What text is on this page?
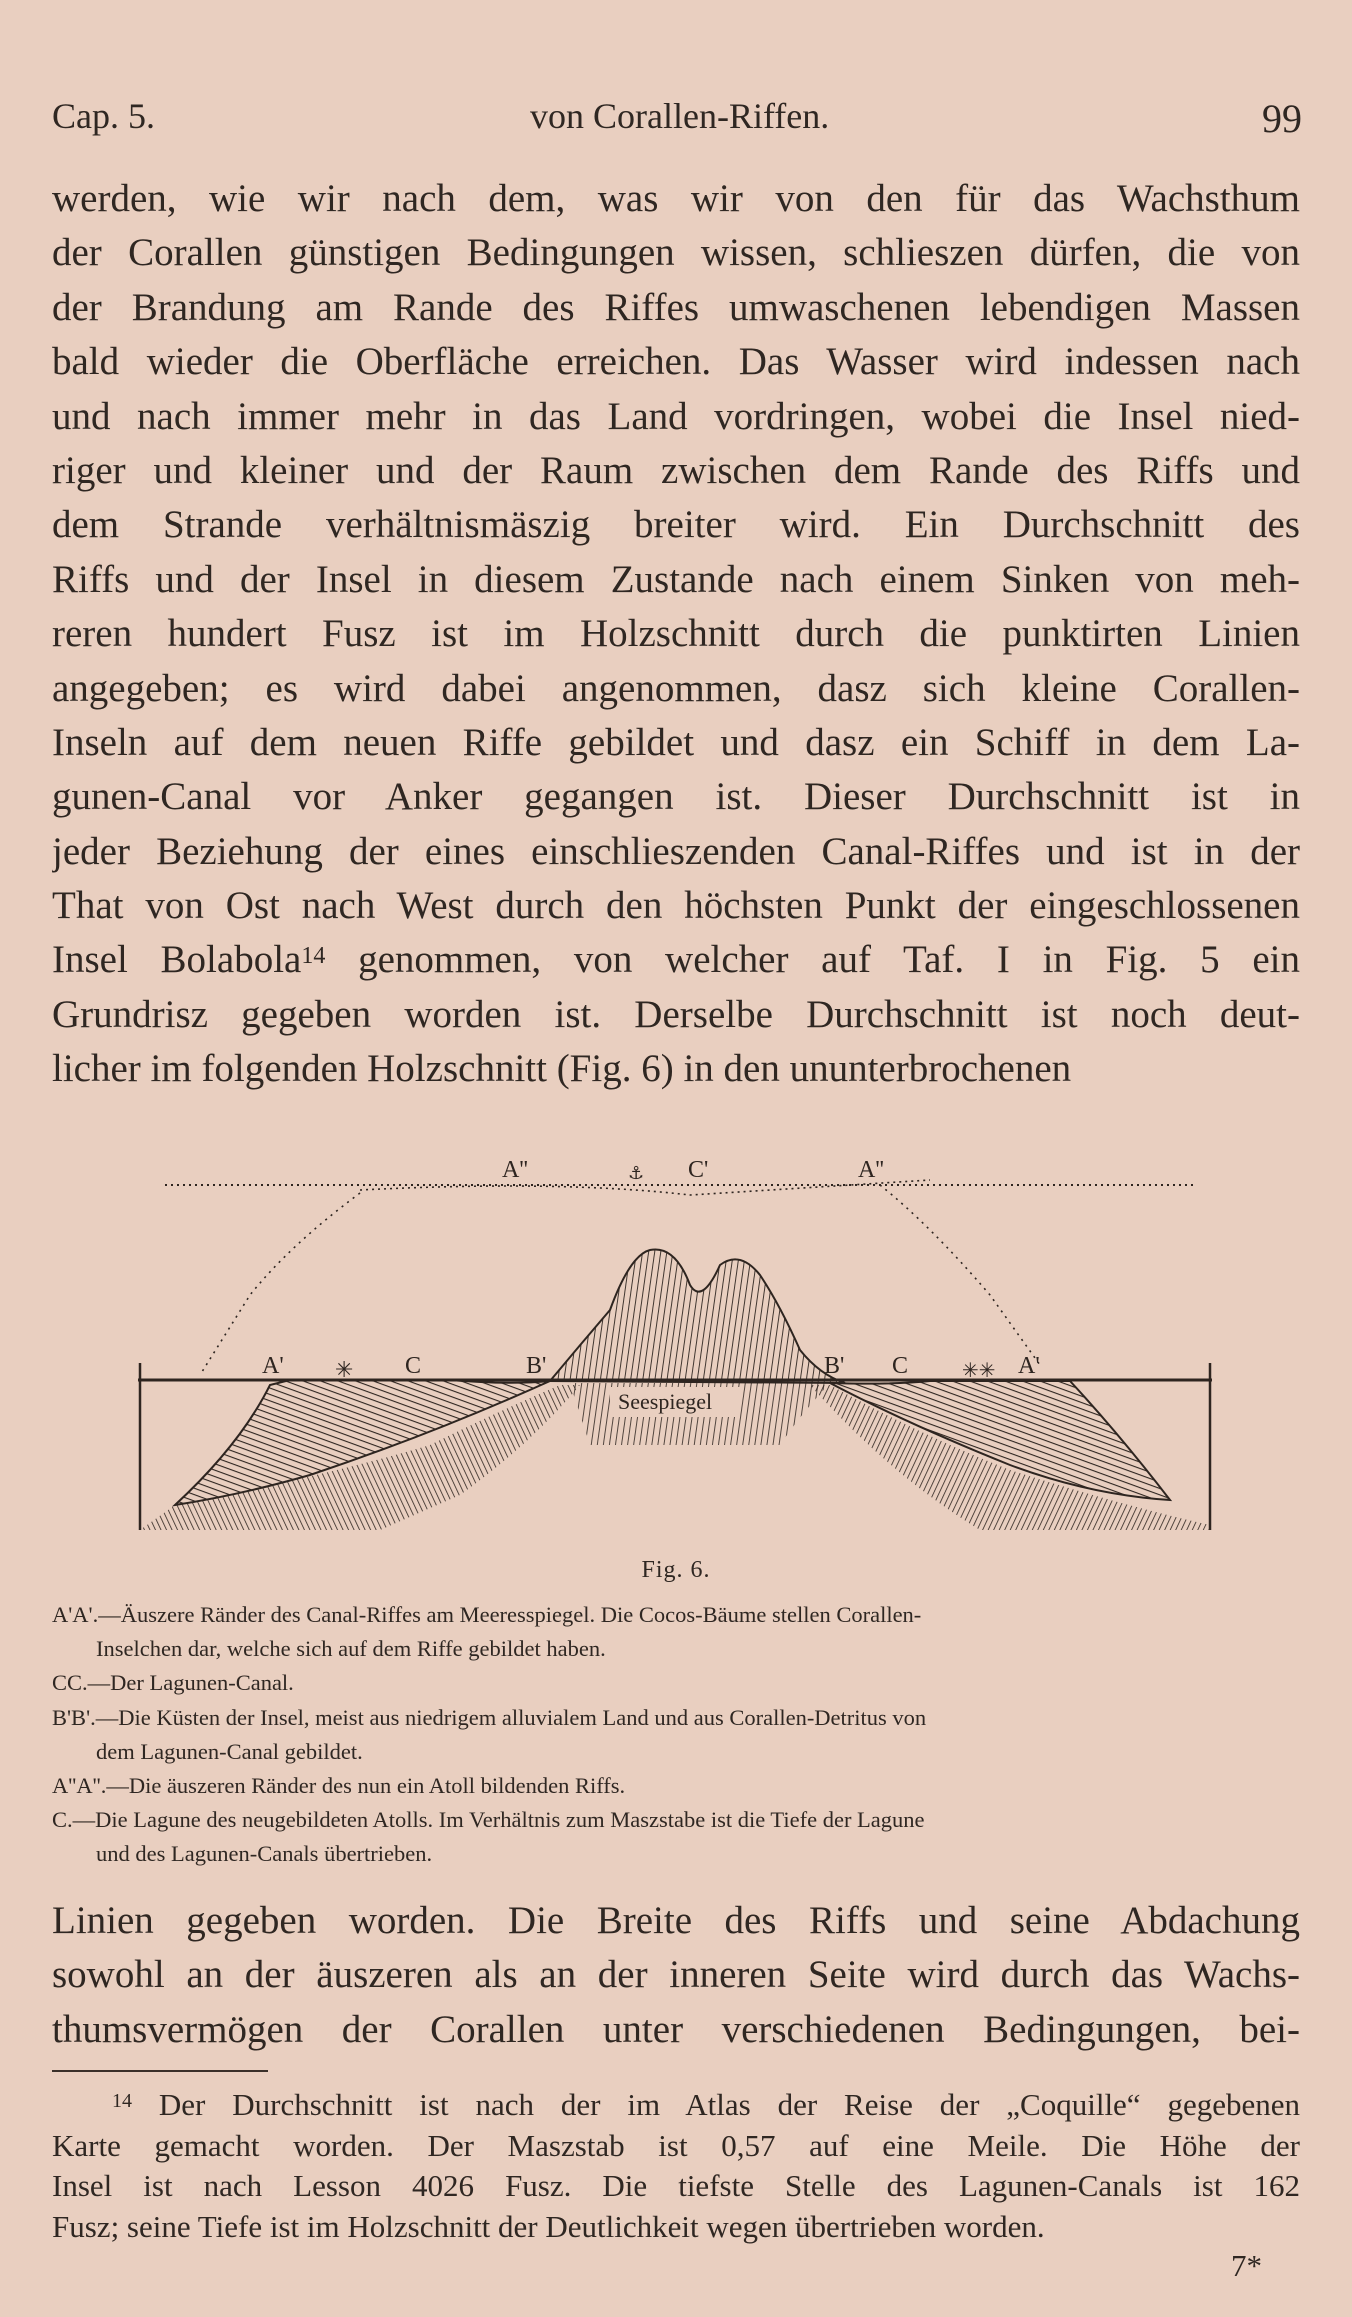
Cap. 5.	von Corallen-Riffen.	99
werden, wie wir nach dem, was wir von den für das Wachsthum
der Corallen günstigen Bedingungen wissen, schlieszen dürfen, die von
der Brandung am Rande des Riffes umwaschenen lebendigen Massen
bald wieder die Oberfläche erreichen. Das Wasser wird indessen nach
und nach immer mehr in das Land vordringen, wobei die Insel nied-
riger und kleiner und der Raum zwischen dem Rande des Riffs und
dem Strande verhältnismäszig breiter wird. Ein Durchschnitt des
Riffs und der Insel in diesem Zustande nach einem Sinken von meh-
reren hundert Fusz ist im Holzschnitt durch die punktirten Linien
angegeben; es wird dabei angenommen, dasz sich kleine Corallen-
Inseln auf dem neuen Riffe gebildet und dasz ein Schiff in dem La-
gunen-Canal vor Anker gegangen ist. Dieser Durchschnitt ist in
jeder Beziehung der eines einschlieszenden Canal-Riffes und ist in der
That von Ost nach West durch den höchsten Punkt der eingeschlossenen
Insel Bolabola$^{14}$ genommen, von welcher auf Taf. I in Fig. 5 ein
Grundrisz gegeben worden ist. Derselbe Durchschnitt ist noch deut-
licher im folgenden Holzschnitt (Fig. 6) in den ununterbrochenen
✳	✳✳
⚓
A''	C'	A''
A'	C	B'	B' C	A'
Seespiegel
Fig. 6.
A'A'.—Äuszere Ränder des Canal-Riffes am Meeresspiegel. Die Cocos-Bäume stellen Corallen-
Inselchen dar, welche sich auf dem Riffe gebildet haben.
CC.—Der Lagunen-Canal.
B'B'.—Die Küsten der Insel, meist aus niedrigem alluvialem Land und aus Corallen-Detritus von
dem Lagunen-Canal gebildet.
A''A''.—Die äuszeren Ränder des nun ein Atoll bildenden Riffs.
C.—Die Lagune des neugebildeten Atolls. Im Verhältnis zum Maszstabe ist die Tiefe der Lagune
und des Lagunen-Canals übertrieben.
Linien gegeben worden. Die Breite des Riffs und seine Abdachung
sowohl an der äuszeren als an der inneren Seite wird durch das Wachs-
thumsvermögen der Corallen unter verschiedenen Bedingungen, bei-
$^{14}$ Der Durchschnitt ist nach der im Atlas der Reise der „Coquille“ gegebenen
Karte gemacht worden. Der Maszstab ist 0,57 auf eine Meile. Die Höhe der
Insel ist nach Lesson 4026 Fusz. Die tiefste Stelle des Lagunen-Canals ist 162
Fusz; seine Tiefe ist im Holzschnitt der Deutlichkeit wegen übertrieben worden.
7*
